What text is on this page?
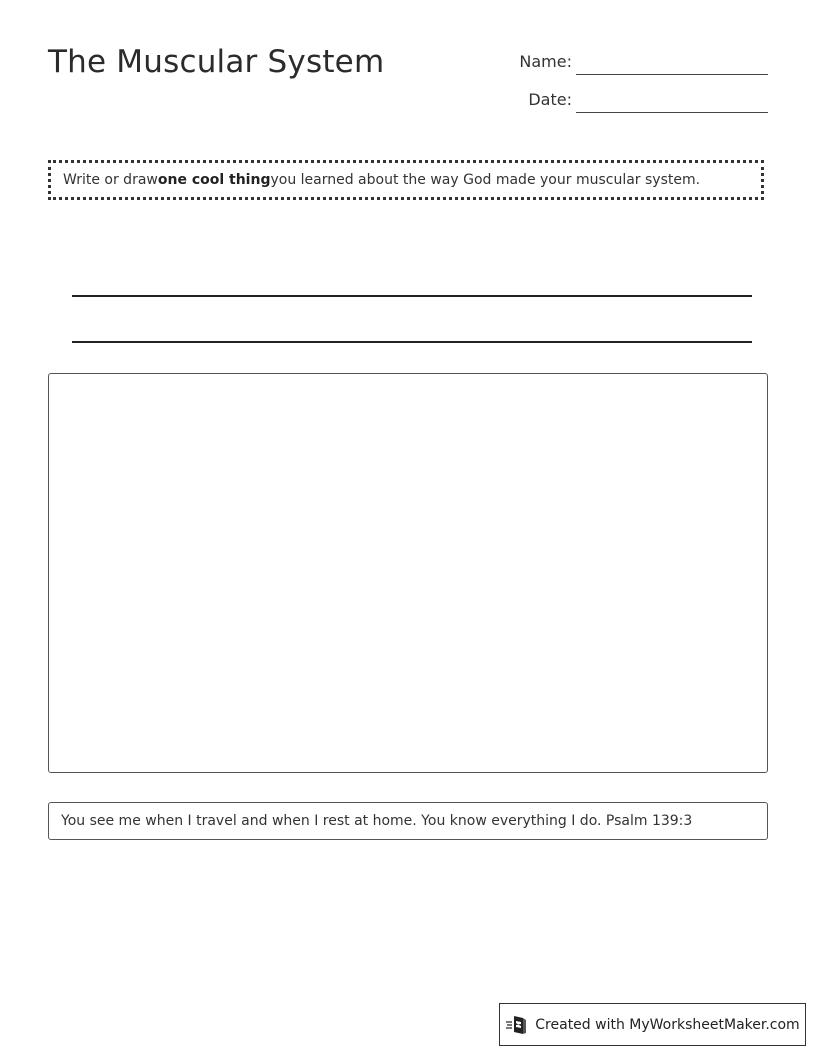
The Muscular System	Name:
Date:
Write or draw one cool thing you learned about the way God made your muscular system.
You see me when I travel and when I rest at home. You know everything I do. Psalm 139:3
Created with MyWorksheetMaker.com
